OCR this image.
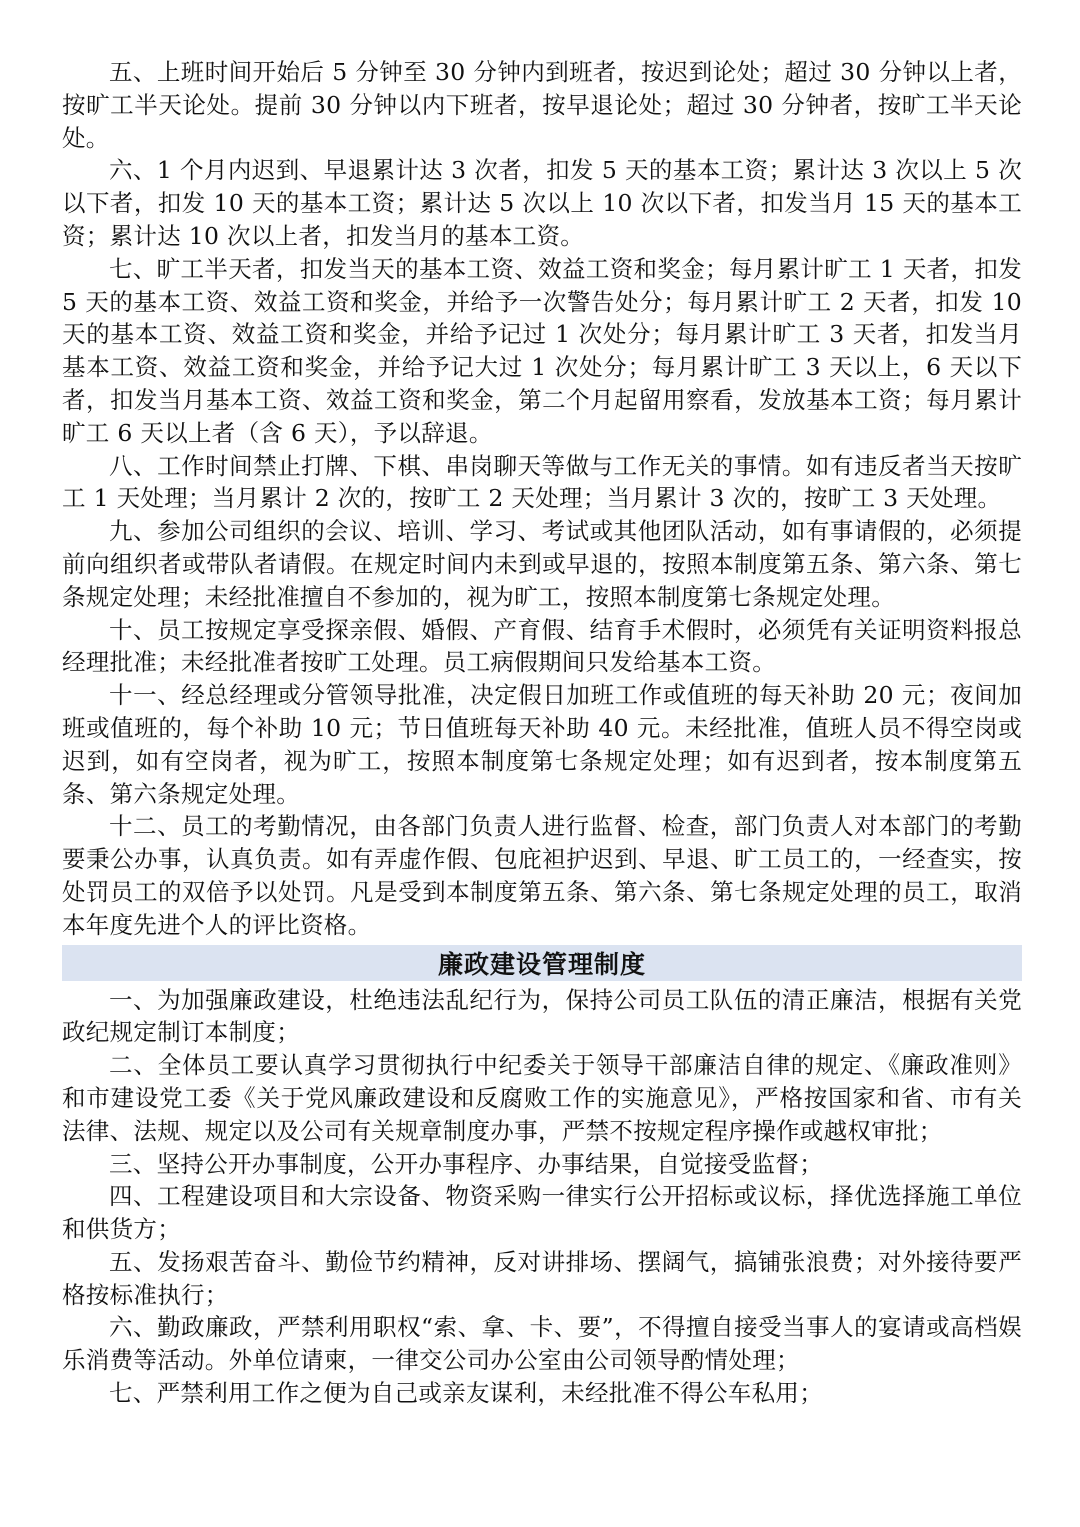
五、上班时间开始后 5 分钟至 30 分钟内到班者，按迟到论处；超过 30 分钟以上者，按旷工半天论处。提前 30 分钟以内下班者，按早退论处；超过 30 分钟者，按旷工半天论处。

六、1 个月内迟到、早退累计达 3 次者，扣发 5 天的基本工资；累计达 3 次以上 5 次以下者，扣发 10 天的基本工资；累计达 5 次以上 10 次以下者，扣发当月 15 天的基本工资；累计达 10 次以上者，扣发当月的基本工资。

七、旷工半天者，扣发当天的基本工资、效益工资和奖金；每月累计旷工 1 天者，扣发 5 天的基本工资、效益工资和奖金，并给予一次警告处分；每月累计旷工 2 天者，扣发 10 天的基本工资、效益工资和奖金，并给予记过 1 次处分；每月累计旷工 3 天者，扣发当月基本工资、效益工资和奖金，并给予记大过 1 次处分；每月累计旷工 3 天以上，6 天以下者，扣发当月基本工资、效益工资和奖金，第二个月起留用察看，发放基本工资；每月累计旷工 6 天以上者（含 6 天），予以辞退。

八、工作时间禁止打牌、下棋、串岗聊天等做与工作无关的事情。如有违反者当天按旷工 1 天处理；当月累计 2 次的，按旷工 2 天处理；当月累计 3 次的，按旷工 3 天处理。

九、参加公司组织的会议、培训、学习、考试或其他团队活动，如有事请假的，必须提前向组织者或带队者请假。在规定时间内未到或早退的，按照本制度第五条、第六条、第七条规定处理；未经批准擅自不参加的，视为旷工，按照本制度第七条规定处理。

十、员工按规定享受探亲假、婚假、产育假、结育手术假时，必须凭有关证明资料报总经理批准；未经批准者按旷工处理。员工病假期间只发给基本工资。

十一、经总经理或分管领导批准，决定假日加班工作或值班的每天补助 20 元；夜间加班或值班的，每个补助 10 元；节日值班每天补助 40 元。未经批准，值班人员不得空岗或迟到，如有空岗者，视为旷工，按照本制度第七条规定处理；如有迟到者，按本制度第五条、第六条规定处理。

十二、员工的考勤情况，由各部门负责人进行监督、检查，部门负责人对本部门的考勤要秉公办事，认真负责。如有弄虚作假、包庇袒护迟到、早退、旷工员工的，一经查实，按处罚员工的双倍予以处罚。凡是受到本制度第五条、第六条、第七条规定处理的员工，取消本年度先进个人的评比资格。

廉政建设管理制度

一、为加强廉政建设，杜绝违法乱纪行为，保持公司员工队伍的清正廉洁，根据有关党政纪规定制订本制度；

二、全体员工要认真学习贯彻执行中纪委关于领导干部廉洁自律的规定、《廉政准则》和市建设党工委《关于党风廉政建设和反腐败工作的实施意见》，严格按国家和省、市有关法律、法规、规定以及公司有关规章制度办事，严禁不按规定程序操作或越权审批；

三、坚持公开办事制度，公开办事程序、办事结果，自觉接受监督；

四、工程建设项目和大宗设备、物资采购一律实行公开招标或议标，择优选择施工单位和供货方；

五、发扬艰苦奋斗、勤俭节约精神，反对讲排场、摆阔气，搞铺张浪费；对外接待要严格按标准执行；

六、勤政廉政，严禁利用职权“索、拿、卡、要”，不得擅自接受当事人的宴请或高档娱乐消费等活动。外单位请柬，一律交公司办公室由公司领导酌情处理；

七、严禁利用工作之便为自己或亲友谋利，未经批准不得公车私用；
